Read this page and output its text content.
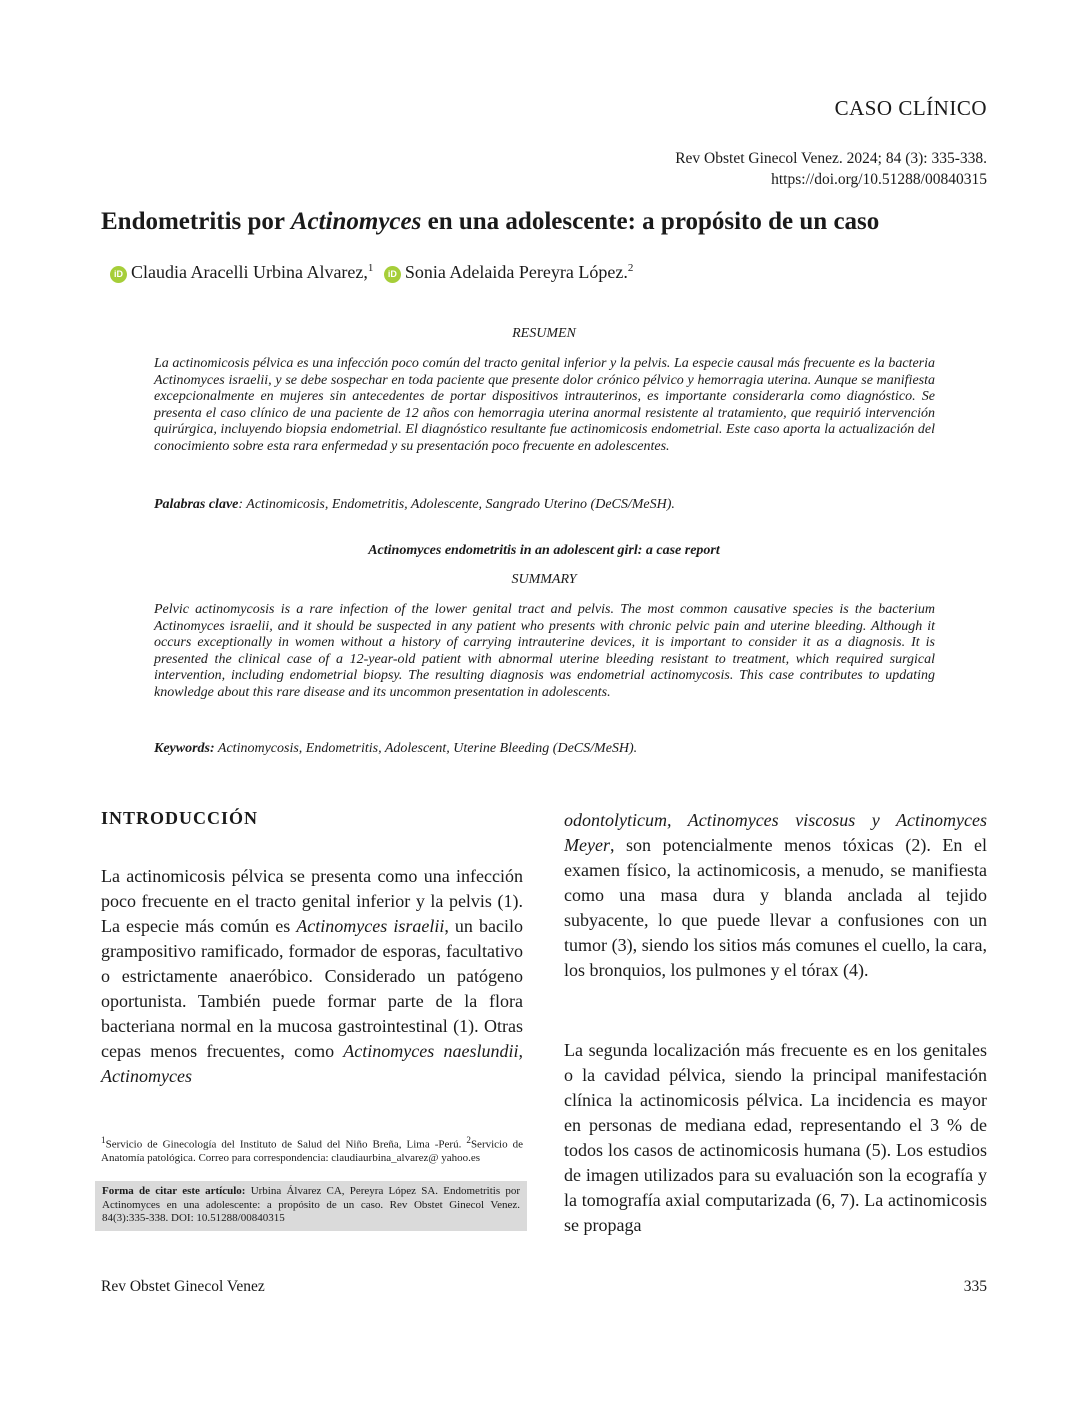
CASO CLÍNICO
Rev Obstet Ginecol Venez. 2024; 84 (3): 335-338.
https://doi.org/10.51288/00840315
Endometritis por Actinomyces en una adolescente: a propósito de un caso
iD Claudia Aracelli Urbina Alvarez,$^1$ iD Sonia Adelaida Pereyra López.$^2$
RESUMEN
La actinomicosis pélvica es una infección poco común del tracto genital inferior y la pelvis. La especie causal más frecuente es la bacteria Actinomyces israelii, y se debe sospechar en toda paciente que presente dolor crónico pélvico y hemorragia uterina. Aunque se manifiesta excepcionalmente en mujeres sin antecedentes de portar dispositivos intrauterinos, es importante considerarla como diagnóstico. Se presenta el caso clínico de una paciente de 12 años con hemorragia uterina anormal resistente al tratamiento, que requirió intervención quirúrgica, incluyendo biopsia endometrial. El diagnóstico resultante fue actinomicosis endometrial. Este caso aporta la actualización del conocimiento sobre esta rara enfermedad y su presentación poco frecuente en adolescentes.
Palabras clave: Actinomicosis, Endometritis, Adolescente, Sangrado Uterino (DeCS/MeSH).
Actinomyces endometritis in an adolescent girl: a case report
SUMMARY
Pelvic actinomycosis is a rare infection of the lower genital tract and pelvis. The most common causative species is the bacterium Actinomyces israelii, and it should be suspected in any patient who presents with chronic pelvic pain and uterine bleeding. Although it occurs exceptionally in women without a history of carrying intrauterine devices, it is important to consider it as a diagnosis. It is presented the clinical case of a 12-year-old patient with abnormal uterine bleeding resistant to treatment, which required surgical intervention, including endometrial biopsy. The resulting diagnosis was endometrial actinomycosis. This case contributes to updating knowledge about this rare disease and its uncommon presentation in adolescents.
Keywords: Actinomycosis, Endometritis, Adolescent, Uterine Bleeding (DeCS/MeSH).
INTRODUCCIÓN
La actinomicosis pélvica se presenta como una infección poco frecuente en el tracto genital inferior y la pelvis (1). La especie más común es Actinomyces israelii, un bacilo grampositivo ramificado, formador de esporas, facultativo o estrictamente anaeróbico. Considerado un patógeno oportunista. También puede formar parte de la flora bacteriana normal en la mucosa gastrointestinal (1). Otras cepas menos frecuentes, como Actinomyces naeslundii, Actinomyces
odontolyticum, Actinomyces viscosus y Actinomyces Meyer, son potencialmente menos tóxicas (2). En el examen físico, la actinomicosis, a menudo, se manifiesta como una masa dura y blanda anclada al tejido subyacente, lo que puede llevar a confusiones con un tumor (3), siendo los sitios más comunes el cuello, la cara, los bronquios, los pulmones y el tórax (4).
La segunda localización más frecuente es en los genitales o la cavidad pélvica, siendo la principal manifestación clínica la actinomicosis pélvica. La incidencia es mayor en personas de mediana edad, representando el 3 % de todos los casos de actinomicosis humana (5). Los estudios de imagen utilizados para su evaluación son la ecografía y la tomografía axial computarizada (6, 7). La actinomicosis se propaga
$^1$Servicio de Ginecología del Instituto de Salud del Niño Breña, Lima -Perú. $^2$Servicio de Anatomía patológica. Correo para correspondencia: claudiaurbina_alvarez@ yahoo.es
Forma de citar este artículo: Urbina Álvarez CA, Pereyra López SA. Endometritis por Actinomyces en una adolescente: a propósito de un caso. Rev Obstet Ginecol Venez. 84(3):335-338. DOI: 10.51288/00840315
Rev Obstet Ginecol Venez	335
